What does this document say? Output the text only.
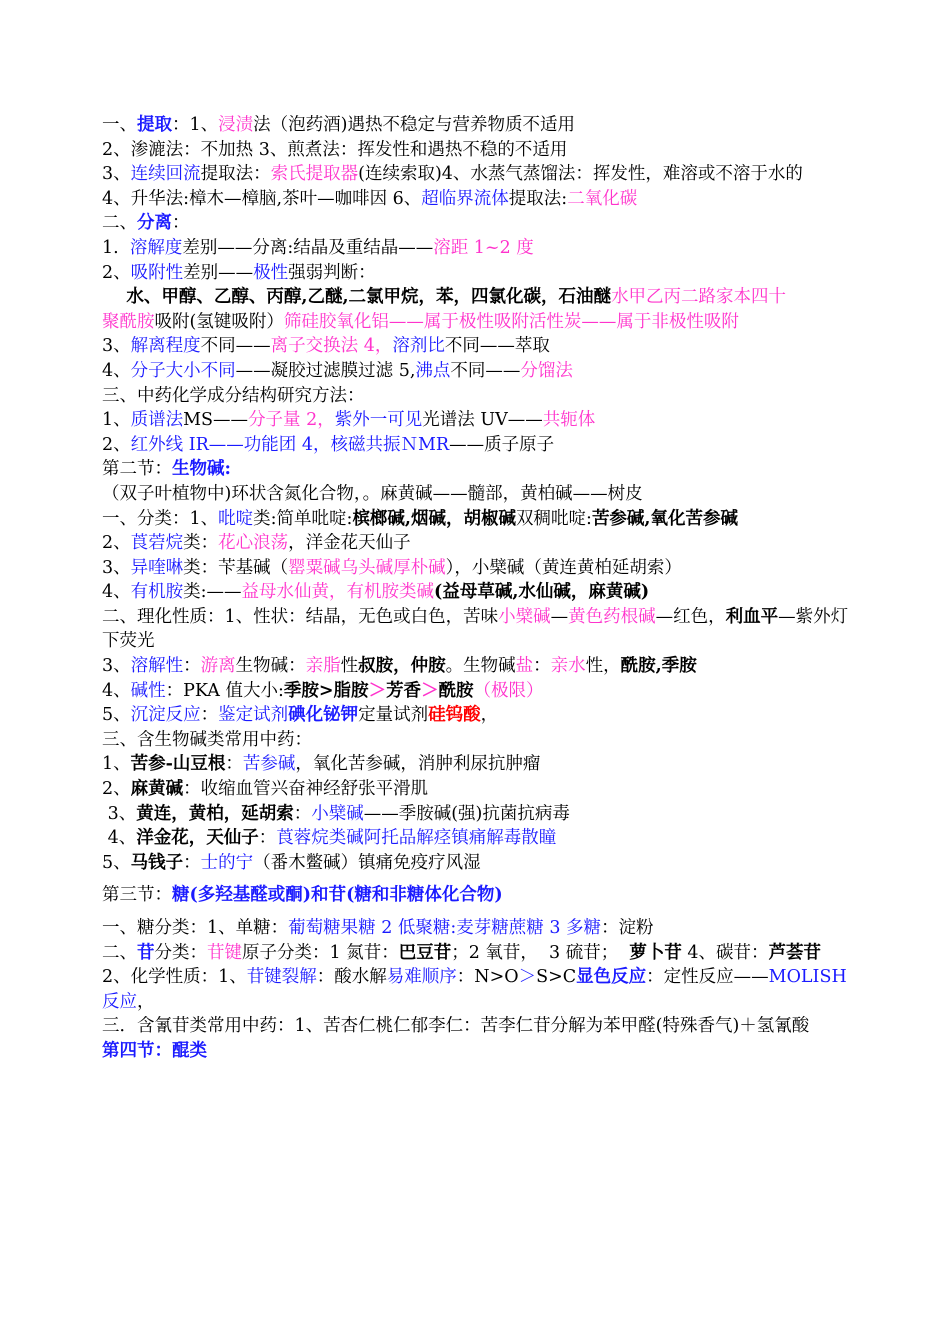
一、提取：1、浸渍法（泡药酒)遇热不稳定与营养物质不适用
2、渗漉法：不加热 3、煎煮法：挥发性和遇热不稳的不适用
3、连续回流提取法：索氏提取器(连续索取)4、水蒸气蒸馏法：挥发性，难溶或不溶于水的
4、升华法:樟木—樟脑,茶叶—咖啡因 6、超临界流体提取法:二氧化碳
二、分离：
1.  溶解度差别——分离:结晶及重结晶——溶距 1~2 度
2、吸附性差别——极性强弱判断：
水、甲醇、乙醇、丙醇,乙醚,二氯甲烷，苯，四氯化碳，石油醚水甲乙丙二路家本四十
聚酰胺吸附(氢键吸附）筛硅胶氧化铝——属于极性吸附活性炭——属于非极性吸附
3、解离程度不同——离子交换法 4，溶剂比不同——萃取
4、分子大小不同——凝胶过滤膜过滤 5,沸点不同——分馏法
三、中药化学成分结构研究方法：
1、质谱法MS——分子量 2，紫外一可见光谱法 UV——共轭体
2、红外线 IR——功能团 4，核磁共振ＮMR——质子原子
第二节：生物碱:
（双子叶植物中)环状含氮化合物，。麻黄碱——髓部，黄柏碱——树皮
一、分类：1、吡啶类:简单吡啶:槟榔碱,烟碱，胡椒碱双稠吡啶:苦参碱,氧化苦参碱
2、莨菪烷类：花心浪荡，洋金花天仙子
3、异喹啉类：苄基碱（罂粟碱乌头碱厚朴碱），小檗碱（黄连黄柏延胡索）
4、有机胺类:——益母水仙黄，有机胺类碱(益母草碱,水仙碱，麻黄碱)
二、理化性质：1、性状：结晶，无色或白色，苦味小檗碱—黄色药根碱—红色，利血平—紫外灯下荧光
3、溶解性：游离生物碱：亲脂性叔胺，仲胺。生物碱盐：亲水性，酰胺,季胺
4、碱性：PKA 值大小:季胺>脂胺＞芳香＞酰胺（极限）
5、沉淀反应：鉴定试剂碘化铋钾定量试剂硅钨酸，
三、含生物碱类常用中药：
1、苦参-山豆根：苦参碱，氧化苦参碱，消肿利尿抗肿瘤
2、麻黄碱：收缩血管兴奋神经舒张平滑肌
3、黄连，黄柏，延胡索：小檗碱——季胺碱(强)抗菌抗病毒
4、洋金花，天仙子：莨蓉烷类碱阿托品解痉镇痛解毒散瞳
5、马钱子：士的宁（番木鳖碱）镇痛免疫疗风湿
第三节：糖(多羟基醛或酮)和苷(糖和非糖体化合物)
一、糖分类：1、单糖：葡萄糖果糖 2 低聚糖:麦芽糖蔗糖 3 多糖：淀粉
二、苷分类：苷键原子分类：1 氮苷：巴豆苷；2 氧苷，  3 硫苷；  萝卜苷 4、碳苷：芦荟苷
2、化学性质：1、苷键裂解：酸水解易难顺序：N>O＞S>C显色反应：定性反应——MOLISH 反应，
三．含氰苷类常用中药：1、苦杏仁桃仁郁李仁：苦李仁苷分解为苯甲醛(特殊香气)＋氢氰酸
第四节：醌类
